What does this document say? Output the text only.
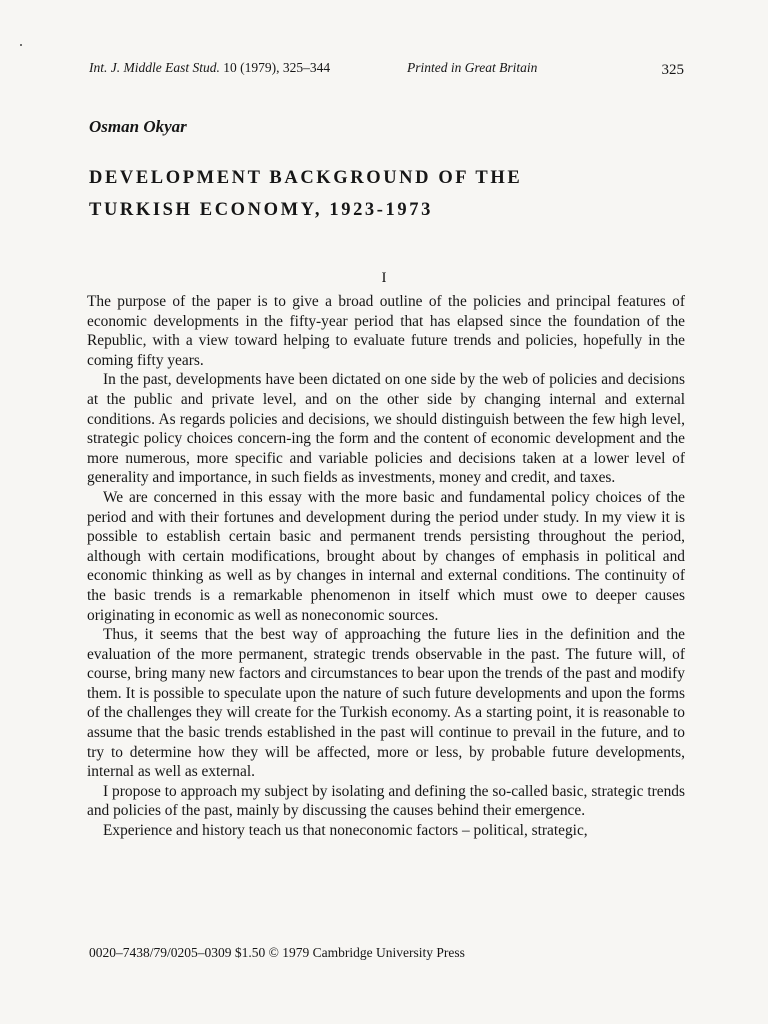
Int. J. Middle East Stud. 10 (1979), 325–344	Printed in Great Britain	325
Osman Okyar
DEVELOPMENT BACKGROUND OF THE
TURKISH ECONOMY, 1923-1973
I

The purpose of the paper is to give a broad outline of the policies and principal features of economic developments in the fifty-year period that has elapsed since the foundation of the Republic, with a view toward helping to evaluate future trends and policies, hopefully in the coming fifty years.

In the past, developments have been dictated on one side by the web of policies and decisions at the public and private level, and on the other side by changing internal and external conditions. As regards policies and decisions, we should distinguish between the few high level, strategic policy choices concern-ing the form and the content of economic development and the more numerous, more specific and variable policies and decisions taken at a lower level of generality and importance, in such fields as investments, money and credit, and taxes.

We are concerned in this essay with the more basic and fundamental policy choices of the period and with their fortunes and development during the period under study. In my view it is possible to establish certain basic and permanent trends persisting throughout the period, although with certain modifications, brought about by changes of emphasis in political and economic thinking as well as by changes in internal and external conditions. The continuity of the basic trends is a remarkable phenomenon in itself which must owe to deeper causes originating in economic as well as noneconomic sources.

Thus, it seems that the best way of approaching the future lies in the definition and the evaluation of the more permanent, strategic trends observable in the past. The future will, of course, bring many new factors and circumstances to bear upon the trends of the past and modify them. It is possible to speculate upon the nature of such future developments and upon the forms of the challenges they will create for the Turkish economy. As a starting point, it is reasonable to assume that the basic trends established in the past will continue to prevail in the future, and to try to determine how they will be affected, more or less, by probable future developments, internal as well as external.

I propose to approach my subject by isolating and defining the so-called basic, strategic trends and policies of the past, mainly by discussing the causes behind their emergence.

Experience and history teach us that noneconomic factors – political, strategic,

0020–7438/79/0205–0309 $1.50 © 1979 Cambridge University Press
